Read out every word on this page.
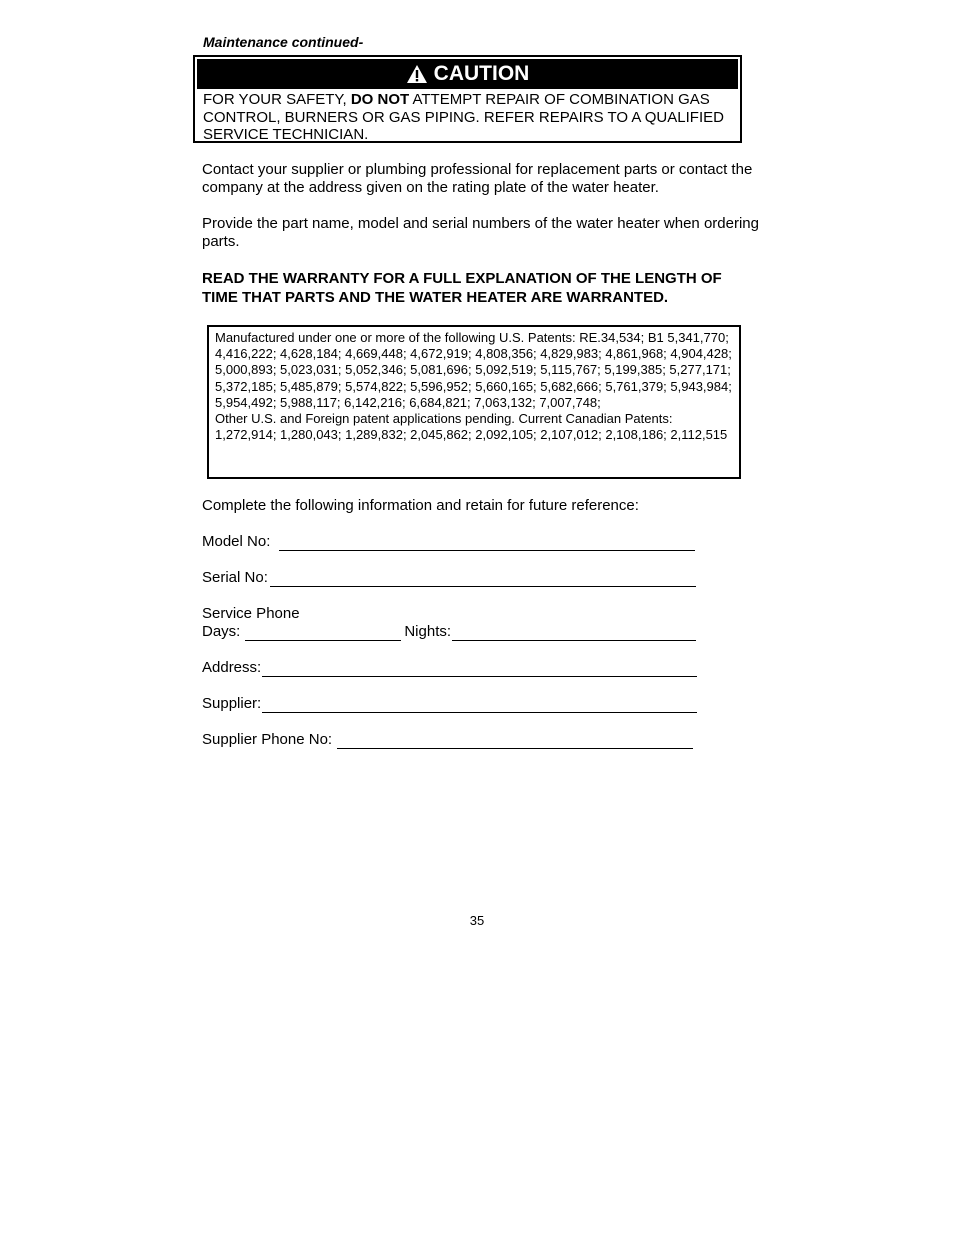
Maintenance continued-
CAUTION
FOR YOUR SAFETY, DO NOT ATTEMPT REPAIR OF COMBINATION GAS CONTROL, BURNERS OR GAS PIPING. REFER REPAIRS TO A QUALIFIED SERVICE TECHNICIAN.
Contact your supplier or plumbing professional for replacement parts or contact the company at the address given on the rating plate of the water heater.
Provide the part name, model and serial numbers of the water heater when ordering parts.
READ THE WARRANTY FOR A FULL EXPLANATION OF THE LENGTH OF TIME THAT PARTS AND THE WATER HEATER ARE WARRANTED.
Manufactured under one or more of the following U.S. Patents: RE.34,534; B1 5,341,770; 4,416,222; 4,628,184; 4,669,448; 4,672,919; 4,808,356; 4,829,983; 4,861,968; 4,904,428; 5,000,893; 5,023,031; 5,052,346; 5,081,696; 5,092,519; 5,115,767; 5,199,385; 5,277,171; 5,372,185; 5,485,879; 5,574,822; 5,596,952; 5,660,165; 5,682,666; 5,761,379; 5,943,984; 5,954,492; 5,988,117; 6,142,216; 6,684,821; 7,063,132; 7,007,748;
Other U.S. and Foreign patent applications pending. Current Canadian Patents: 1,272,914; 1,280,043; 1,289,832; 2,045,862; 2,092,105; 2,107,012; 2,108,186; 2,112,515
Complete the following information and retain for future reference:
Model No:
Serial No:
Service Phone
Days:	Nights:
Address:
Supplier:
Supplier Phone No:
35
